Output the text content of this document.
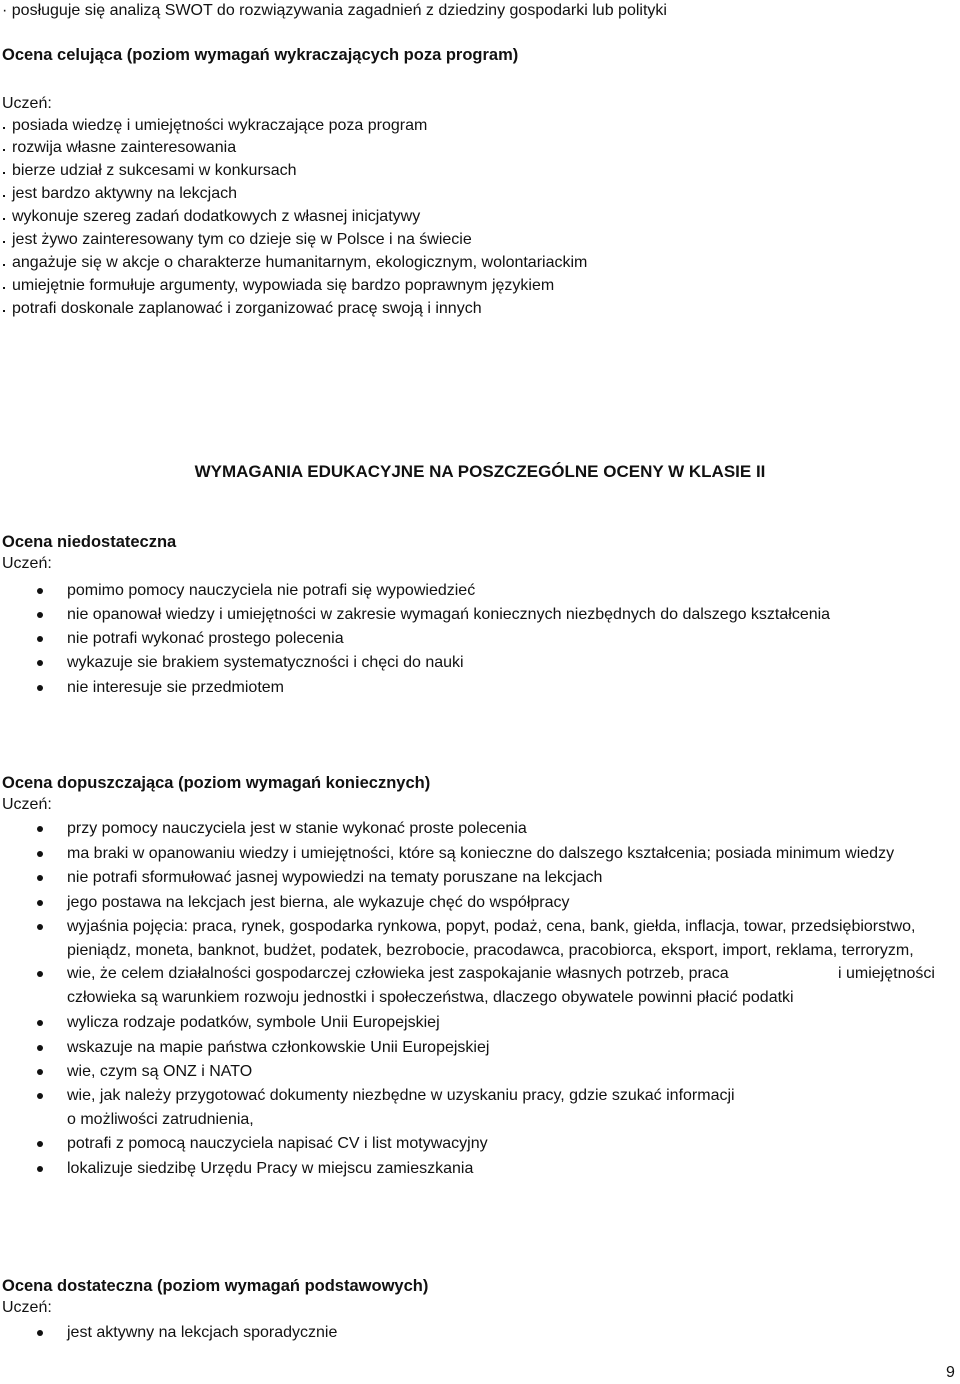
· posługuje się analizą SWOT do rozwiązywania zagadnień z dziedziny gospodarki lub polityki
Ocena celująca (poziom wymagań wykraczających poza program)
Uczeń:
posiada wiedzę i umiejętności wykraczające poza program
rozwija własne zainteresowania
bierze udział z sukcesami w konkursach
jest bardzo aktywny na lekcjach
wykonuje szereg zadań dodatkowych z własnej inicjatywy
jest żywo zainteresowany tym co dzieje się w Polsce i na świecie
angażuje się w akcje o charakterze humanitarnym, ekologicznym, wolontariackim
umiejętnie formułuje argumenty, wypowiada się bardzo poprawnym językiem
potrafi doskonale zaplanować i zorganizować pracę swoją i innych
WYMAGANIA EDUKACYJNE NA POSZCZEGÓLNE OCENY W KLASIE II
Ocena niedostateczna
Uczeń:
pomimo pomocy nauczyciela nie potrafi się wypowiedzieć
nie opanował wiedzy i umiejętności w zakresie wymagań koniecznych niezbędnych do dalszego kształcenia
nie potrafi wykonać prostego polecenia
wykazuje sie brakiem systematyczności i chęci do nauki
nie interesuje sie przedmiotem
Ocena dopuszczająca (poziom wymagań koniecznych)
Uczeń:
przy pomocy nauczyciela jest w stanie wykonać proste polecenia
ma braki w opanowaniu wiedzy i umiejętności, które są konieczne do dalszego kształcenia; posiada minimum wiedzy
nie potrafi sformułować jasnej wypowiedzi na tematy poruszane na lekcjach
jego postawa na lekcjach jest bierna, ale wykazuje chęć do współpracy
wyjaśnia pojęcia: praca, rynek, gospodarka rynkowa, popyt, podaż, cena, bank, giełda, inflacja, towar, przedsiębiorstwo,
pieniądz, moneta, banknot, budżet, podatek, bezrobocie, pracodawca, pracobiorca, eksport, import, reklama, terroryzm,
wie, że celem działalności gospodarczej człowieka jest zaspokajanie własnych potrzeb, praca	i umiejętności
człowieka są warunkiem rozwoju jednostki i społeczeństwa, dlaczego obywatele powinni płacić podatki
wylicza rodzaje podatków, symbole Unii Europejskiej
wskazuje na mapie państwa członkowskie Unii Europejskiej
wie, czym są ONZ i NATO
wie, jak należy przygotować dokumenty niezbędne w uzyskaniu pracy, gdzie szukać informacji
o możliwości zatrudnienia,
potrafi z pomocą nauczyciela napisać CV i list motywacyjny
lokalizuje siedzibę Urzędu Pracy w miejscu zamieszkania
Ocena dostateczna (poziom wymagań podstawowych)
Uczeń:
jest aktywny na lekcjach sporadycznie
9
